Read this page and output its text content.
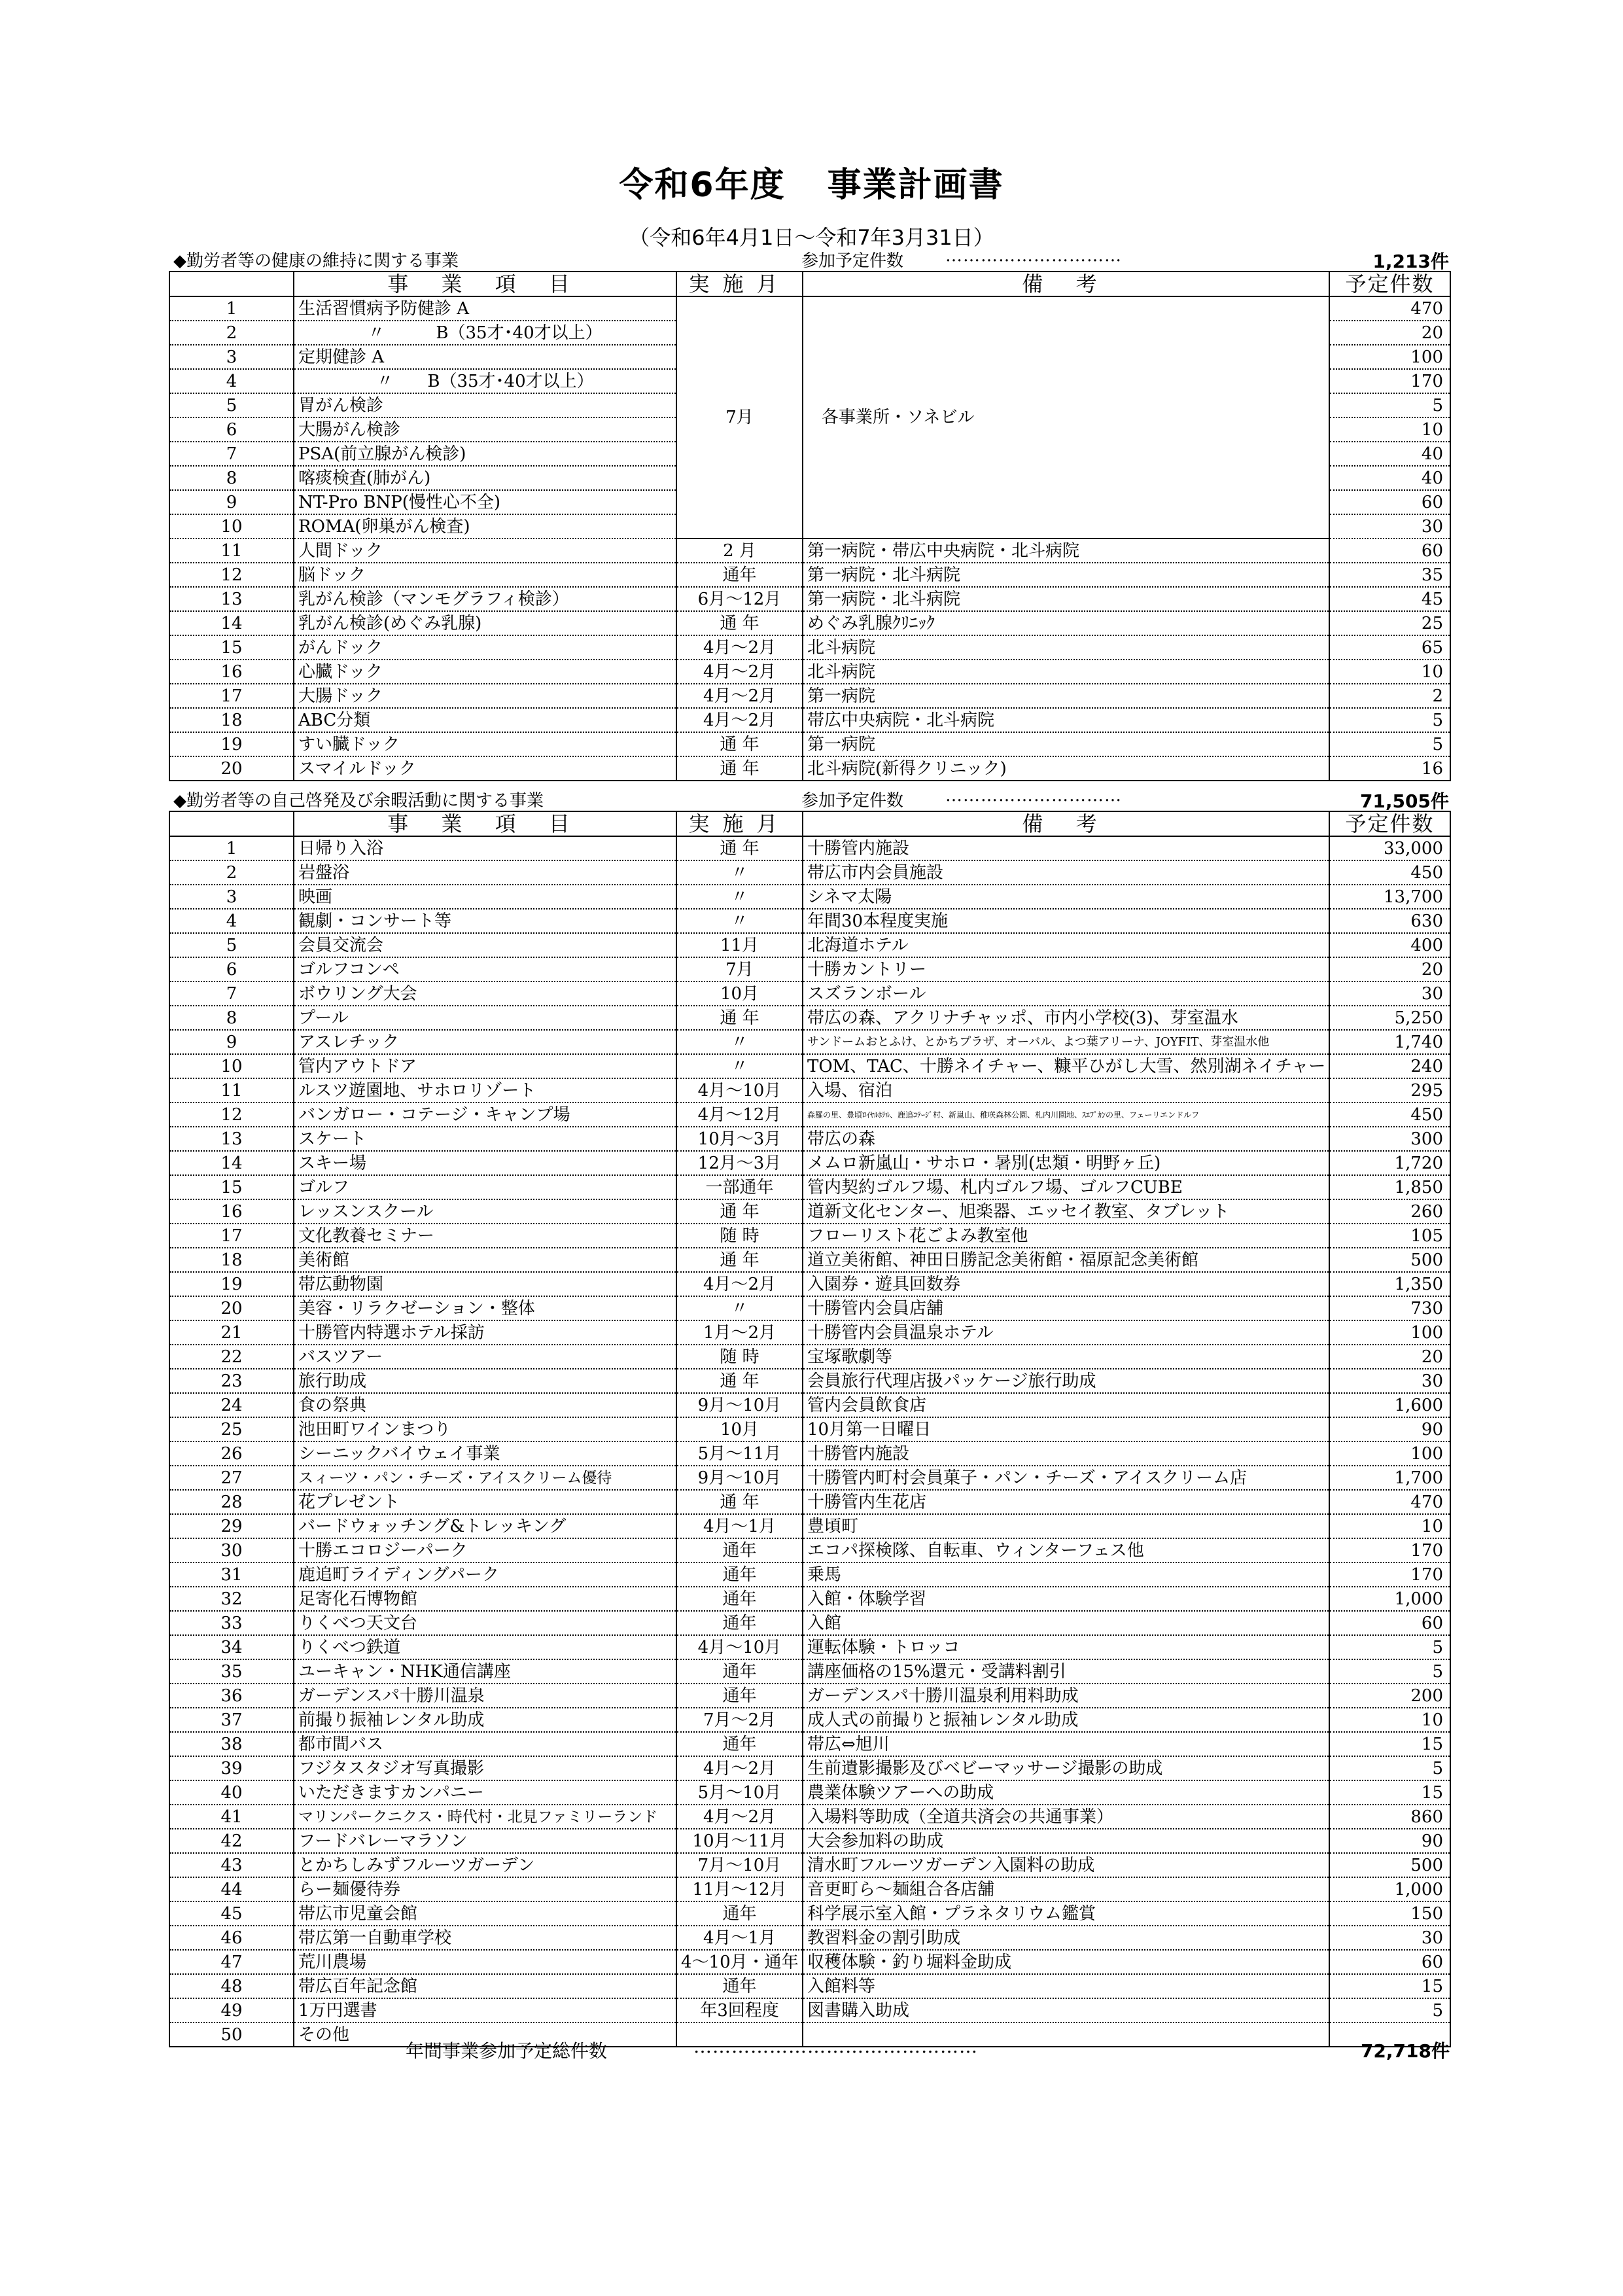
令和6年度 事業計画書
（令和6年4月1日～令和7年3月31日）
◆勤労者等の健康の維持に関する事業	参加予定件数 …………………………	1,213件
	事 業 項 目	実施月	備 考	予定件数
1	生活習慣病予防健診 A	7月	各事業所・ソネビル	470
2	〃　　　B（35才･40才以上）			20
3	定期健診 A			100
4	〃　　B（35才･40才以上）			170
5	胃がん検診			5
6	大腸がん検診			10
7	PSA(前立腺がん検診)			40
8	喀痰検査(肺がん)			40
9	NT-Pro BNP(慢性心不全)			60
10	ROMA(卵巣がん検査)			30
11	人間ドック	2 月	第一病院・帯広中央病院・北斗病院	60
12	脳ドック	通年	第一病院・北斗病院	35
13	乳がん検診（マンモグラフィ検診）	6月～12月	第一病院・北斗病院	45
14	乳がん検診(めぐみ乳腺)	通 年	めぐみ乳腺ｸﾘﾆｯｸ	25
15	がんドック	4月～2月	北斗病院	65
16	心臓ドック	4月～2月	北斗病院	10
17	大腸ドック	4月～2月	第一病院	2
18	ABC分類	4月～2月	帯広中央病院・北斗病院	5
19	すい臓ドック	通 年	第一病院	5
20	スマイルドック	通 年	北斗病院(新得クリニック)	16
◆勤労者等の自己啓発及び余暇活動に関する事業	参加予定件数 …………………………	71,505件
	事 業 項 目	実施月	備 考	予定件数
1	日帰り入浴	通 年	十勝管内施設	33,000
2	岩盤浴	〃	帯広市内会員施設	450
3	映画	〃	シネマ太陽	13,700
4	観劇・コンサート等	〃	年間30本程度実施	630
5	会員交流会	11月	北海道ホテル	400
6	ゴルフコンペ	7月	十勝カントリー	20
7	ボウリング大会	10月	スズランボール	30
8	プール	通 年	帯広の森、アクリナチャッポ、市内小学校(3)、芽室温水	5,250
9	アスレチック	〃	サンドームおとふけ、とかちプラザ、オーバル、よつ葉アリーナ、JOYFIT、芽室温水他	1,740
10	管内アウトドア	〃	TOM、TAC、十勝ネイチャー、糠平ひがし大雪、然別湖ネイチャー	240
11	ルスツ遊園地、サホロリゾート	4月～10月	入場、宿泊	295
12	バンガロー・コテージ・キャンプ場	4月～12月	森羅の里、豊頃ﾛｲﾔﾙﾎﾃﾙ、鹿追ｺﾃｰｼﾞ村、新嵐山、稚咲森林公園、札内川園地、ｽｴﾌﾟｶﾝの里、フェーリエンドルフ	450
13	スケート	10月～3月	帯広の森	300
14	スキー場	12月～3月	メムロ新嵐山・サホロ・暑別(忠類・明野ヶ丘)	1,720
15	ゴルフ	一部通年	管内契約ゴルフ場、札内ゴルフ場、ゴルフCUBE	1,850
16	レッスンスクール	通 年	道新文化センター、旭楽器、エッセイ教室、タブレット	260
17	文化教養セミナー	随 時	フローリスト花ごよみ教室他	105
18	美術館	通 年	道立美術館、神田日勝記念美術館・福原記念美術館	500
19	帯広動物園	4月～2月	入園券・遊具回数券	1,350
20	美容・リラクゼーション・整体	〃	十勝管内会員店舗	730
21	十勝管内特選ホテル採訪	1月～2月	十勝管内会員温泉ホテル	100
22	バスツアー	随 時	宝塚歌劇等	20
23	旅行助成	通 年	会員旅行代理店扱パッケージ旅行助成	30
24	食の祭典	9月～10月	管内会員飲食店	1,600
25	池田町ワインまつり	10月	10月第一日曜日	90
26	シーニックバイウェイ事業	5月～11月	十勝管内施設	100
27	スィーツ・パン・チーズ・アイスクリーム優待	9月～10月	十勝管内町村会員菓子・パン・チーズ・アイスクリーム店	1,700
28	花プレゼント	通 年	十勝管内生花店	470
29	バードウォッチング&トレッキング	4月～1月	豊頃町	10
30	十勝エコロジーパーク	通年	エコパ探検隊、自転車、ウィンターフェス他	170
31	鹿追町ライディングパーク	通年	乗馬	170
32	足寄化石博物館	通年	入館・体験学習	1,000
33	りくべつ天文台	通年	入館	60
34	りくべつ鉄道	4月～10月	運転体験・トロッコ	5
35	ユーキャン・NHK通信講座	通年	講座価格の15%還元・受講料割引	5
36	ガーデンスパ十勝川温泉	通年	ガーデンスパ十勝川温泉利用料助成	200
37	前撮り振袖レンタル助成	7月～2月	成人式の前撮りと振袖レンタル助成	10
38	都市間バス	通年	帯広⇔旭川	15
39	フジタスタジオ写真撮影	4月～2月	生前遺影撮影及びベビーマッサージ撮影の助成	5
40	いただきますカンパニー	5月～10月	農業体験ツアーへの助成	15
41	マリンパークニクス・時代村・北見ファミリーランド	4月～2月	入場料等助成（全道共済会の共通事業）	860
42	フードバレーマラソン	10月～11月	大会参加料の助成	90
43	とかちしみずフルーツガーデン	7月～10月	清水町フルーツガーデン入園料の助成	500
44	らー麺優待券	11月～12月	音更町ら～麺組合各店舗	1,000
45	帯広市児童会館	通年	科学展示室入館・プラネタリウム鑑賞	150
46	帯広第一自動車学校	4月～1月	教習料金の割引助成	30
47	荒川農場	4～10月・通年	収穫体験・釣り堀料金助成	60
48	帯広百年記念館	通年	入館料等	15
49	1万円選書	年3回程度	図書購入助成	5
50	その他			
年間事業参加予定総件数	………………………………………	72,718件
